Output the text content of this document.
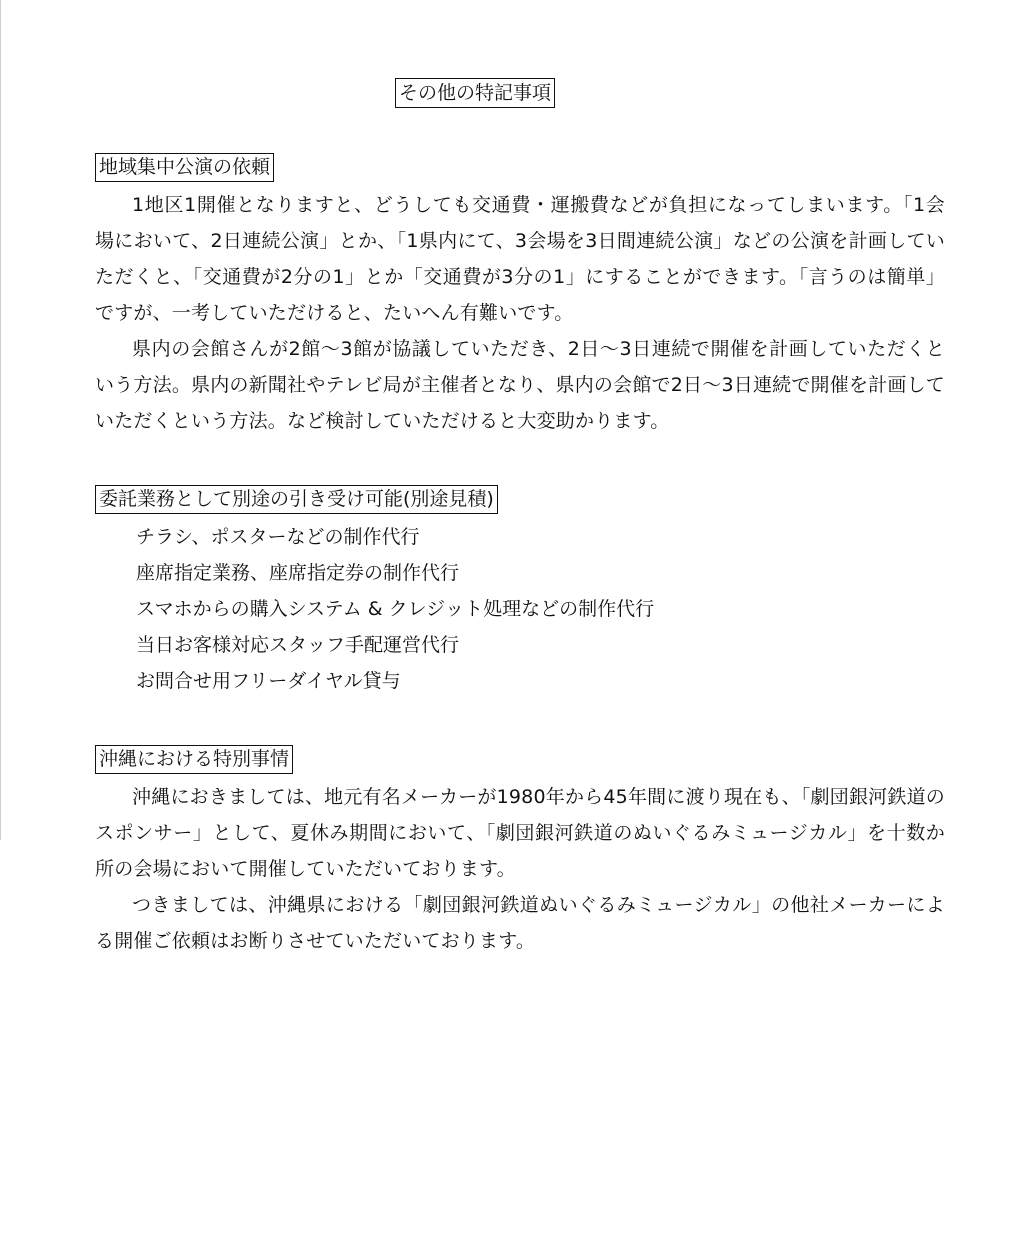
その他の特記事項
地域集中公演の依頼

1地区1開催となりますと、どうしても交通費・運搬費などが負担になってしまいます。「1会場において、2日連続公演」とか、「1県内にて、3会場を3日間連続公演」などの公演を計画していただくと、「交通費が2分の1」とか「交通費が3分の1」にすることができます。「言うのは簡単」ですが、一考していただけると、たいへん有難いです。

県内の会館さんが2館〜3館が協議していただき、2日〜3日連続で開催を計画していただくという方法。県内の新聞社やテレビ局が主催者となり、県内の会館で2日〜3日連続で開催を計画していただくという方法。など検討していただけると大変助かります。

委託業務として別途の引き受け可能(別途見積)
チラシ、ポスターなどの制作代行
座席指定業務、座席指定券の制作代行
スマホからの購入システム & クレジット処理などの制作代行
当日お客様対応スタッフ手配運営代行
お問合せ用フリーダイヤル貸与
沖縄における特別事情

沖縄におきましては、地元有名メーカーが1980年から45年間に渡り現在も、「劇団銀河鉄道のスポンサー」として、夏休み期間において、「劇団銀河鉄道のぬいぐるみミュージカル」を十数か所の会場において開催していただいております。

つきましては、沖縄県における「劇団銀河鉄道ぬいぐるみミュージカル」の他社メーカーによる開催ご依頼はお断りさせていただいております。
